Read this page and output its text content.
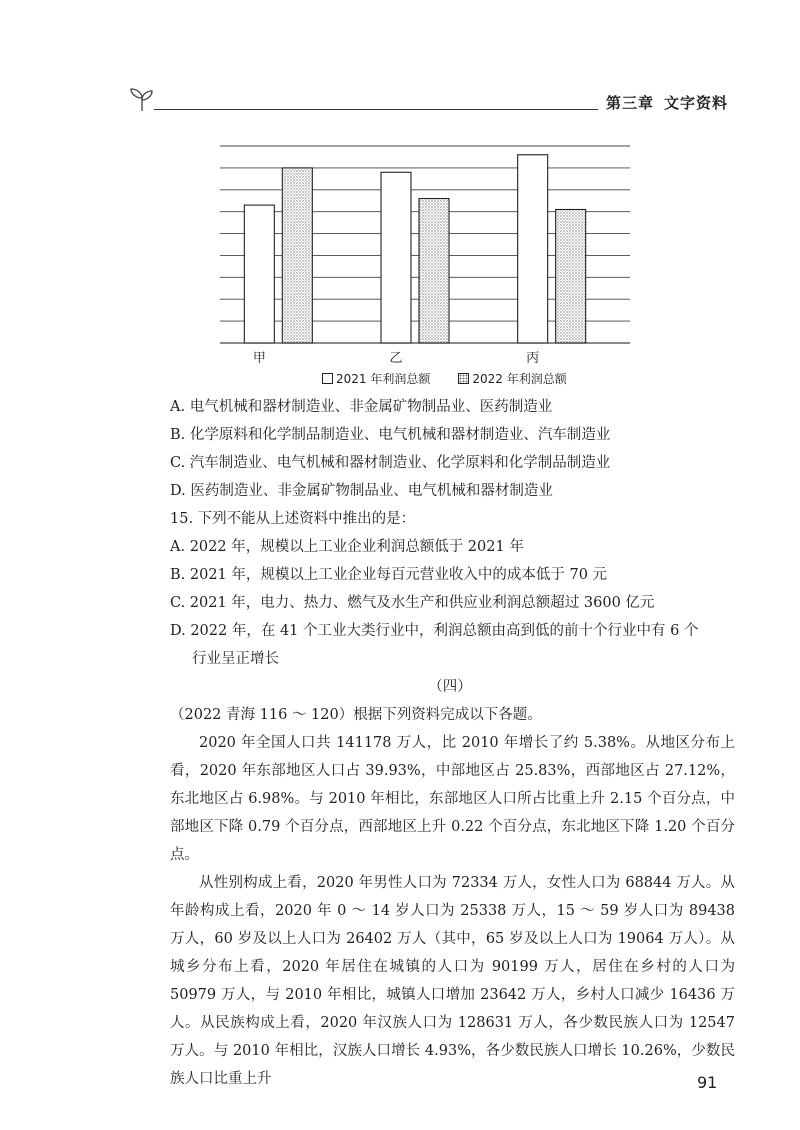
第三章 文字资料
甲	乙	丙
2021 年利润总额	2022 年利润总额

A. 电气机械和器材制造业、非金属矿物制品业、医药制造业

B. 化学原料和化学制品制造业、电气机械和器材制造业、汽车制造业

C. 汽车制造业、电气机械和器材制造业、化学原料和化学制品制造业

D. 医药制造业、非金属矿物制品业、电气机械和器材制造业

15. 下列不能从上述资料中推出的是：

A. 2022 年，规模以上工业企业利润总额低于 2021 年

B. 2021 年，规模以上工业企业每百元营业收入中的成本低于 70 元

C. 2021 年，电力、热力、燃气及水生产和供应业利润总额超过 3600 亿元

D. 2022 年，在 41 个工业大类行业中，利润总额由高到低的前十个行业中有 6 个

行业呈正增长

（四）

（2022 青海 116 ～ 120）根据下列资料完成以下各题。

2020 年全国人口共 141178 万人，比 2010 年增长了约 5.38%。从地区分布上看，2020 年东部地区人口占 39.93%，中部地区占 25.83%，西部地区占 27.12%，东北地区占 6.98%。与 2010 年相比，东部地区人口所占比重上升 2.15 个百分点，中部地区下降 0.79 个百分点，西部地区上升 0.22 个百分点，东北地区下降 1.20 个百分点。

从性别构成上看，2020 年男性人口为 72334 万人，女性人口为 68844 万人。从年龄构成上看，2020 年 0 ～ 14 岁人口为 25338 万人，15 ～ 59 岁人口为 89438 万人，60 岁及以上人口为 26402 万人（其中，65 岁及以上人口为 19064 万人）。从城乡分布上看，2020 年居住在城镇的人口为 90199 万人，居住在乡村的人口为 50979 万人，与 2010 年相比，城镇人口增加 23642 万人，乡村人口减少 16436 万人。从民族构成上看，2020 年汉族人口为 128631 万人，各少数民族人口为 12547 万人。与 2010 年相比，汉族人口增长 4.93%，各少数民族人口增长 10.26%，少数民族人口比重上升	91
